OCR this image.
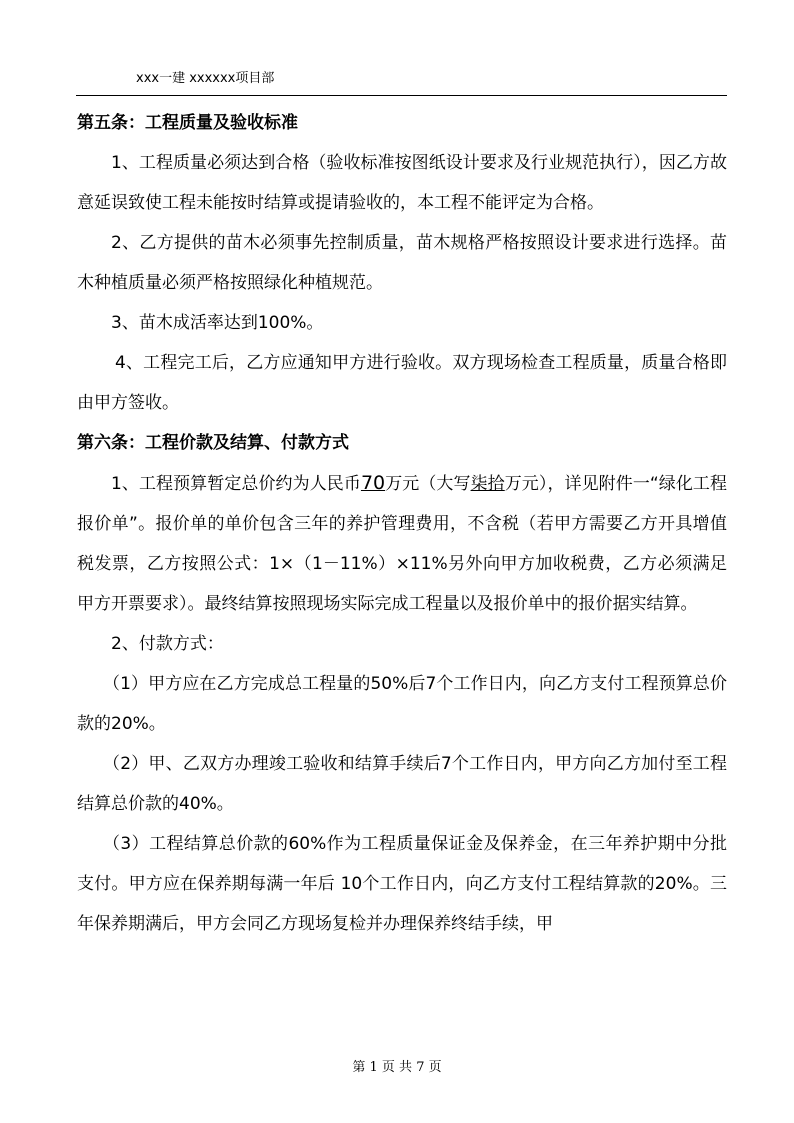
xxx一建 xxxxxx项目部

第五条：工程质量及验收标准

1、工程质量必须达到合格（验收标准按图纸设计要求及行业规范执行），因乙方故意延误致使工程未能按时结算或提请验收的，本工程不能评定为合格。

2、乙方提供的苗木必须事先控制质量，苗木规格严格按照设计要求进行选择。苗木种植质量必须严格按照绿化种植规范。

3、苗木成活率达到100%。

4、工程完工后，乙方应通知甲方进行验收。双方现场检查工程质量，质量合格即由甲方签收。

第六条：工程价款及结算、付款方式

1、工程预算暂定总价约为人民币70万元（大写柒拾万元），详见附件一“绿化工程报价单”。报价单的单价包含三年的养护管理费用，不含税（若甲方需要乙方开具增值税发票，乙方按照公式：1×（1－11%）×11%另外向甲方加收税费，乙方必须满足甲方开票要求）。最终结算按照现场实际完成工程量以及报价单中的报价据实结算。

2、付款方式：

（1）甲方应在乙方完成总工程量的50%后7个工作日内，向乙方支付工程预算总价款的20%。

（2）甲、乙双方办理竣工验收和结算手续后7个工作日内，甲方向乙方加付至工程结算总价款的40%。

（3）工程结算总价款的60%作为工程质量保证金及保养金，在三年养护期中分批支付。甲方应在保养期每满一年后 10个工作日内，向乙方支付工程结算款的20%。三年保养期满后，甲方会同乙方现场复检并办理保养终结手续，甲

第 1 页 共 7 页
